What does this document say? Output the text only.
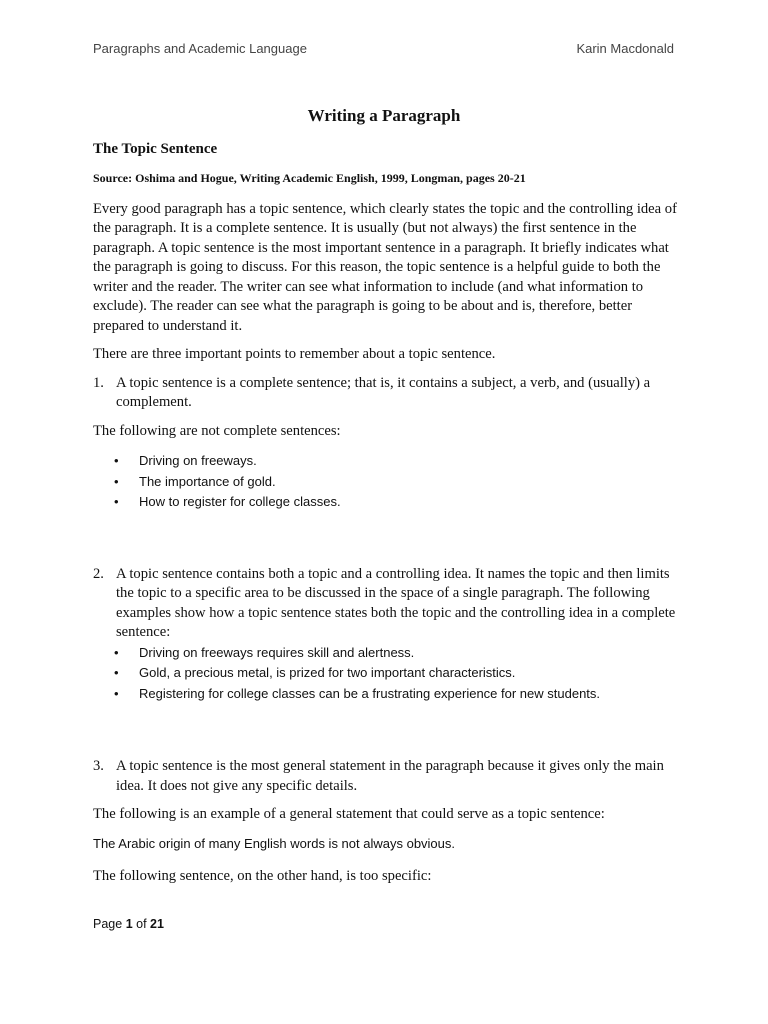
Paragraphs and Academic Language	Karin Macdonald
Writing a Paragraph
The Topic Sentence
Source: Oshima and Hogue, Writing Academic English, 1999, Longman, pages 20-21

Every good paragraph has a topic sentence, which clearly states the topic and the controlling idea of the paragraph. It is a complete sentence. It is usually (but not always) the first sentence in the paragraph. A topic sentence is the most important sentence in a paragraph. It briefly indicates what the paragraph is going to discuss. For this reason, the topic sentence is a helpful guide to both the writer and the reader. The writer can see what information to include (and what information to exclude). The reader can see what the paragraph is going to be about and is, therefore, better prepared to understand it.

There are three important points to remember about a topic sentence.

1. A topic sentence is a complete sentence; that is, it contains a subject, a verb, and (usually) a complement.

The following are not complete sentences:

• Driving on freeways.
• The importance of gold.
• How to register for college classes.
2. A topic sentence contains both a topic and a controlling idea. It names the topic and then limits the topic to a specific area to be discussed in the space of a single paragraph. The following examples show how a topic sentence states both the topic and the controlling idea in a complete sentence:
• Driving on freeways requires skill and alertness.
• Gold, a precious metal, is prized for two important characteristics.
• Registering for college classes can be a frustrating experience for new students.
3. A topic sentence is the most general statement in the paragraph because it gives only the main idea. It does not give any specific details.

The following is an example of a general statement that could serve as a topic sentence:

The Arabic origin of many English words is not always obvious.

The following sentence, on the other hand, is too specific:

Page 1 of 21
